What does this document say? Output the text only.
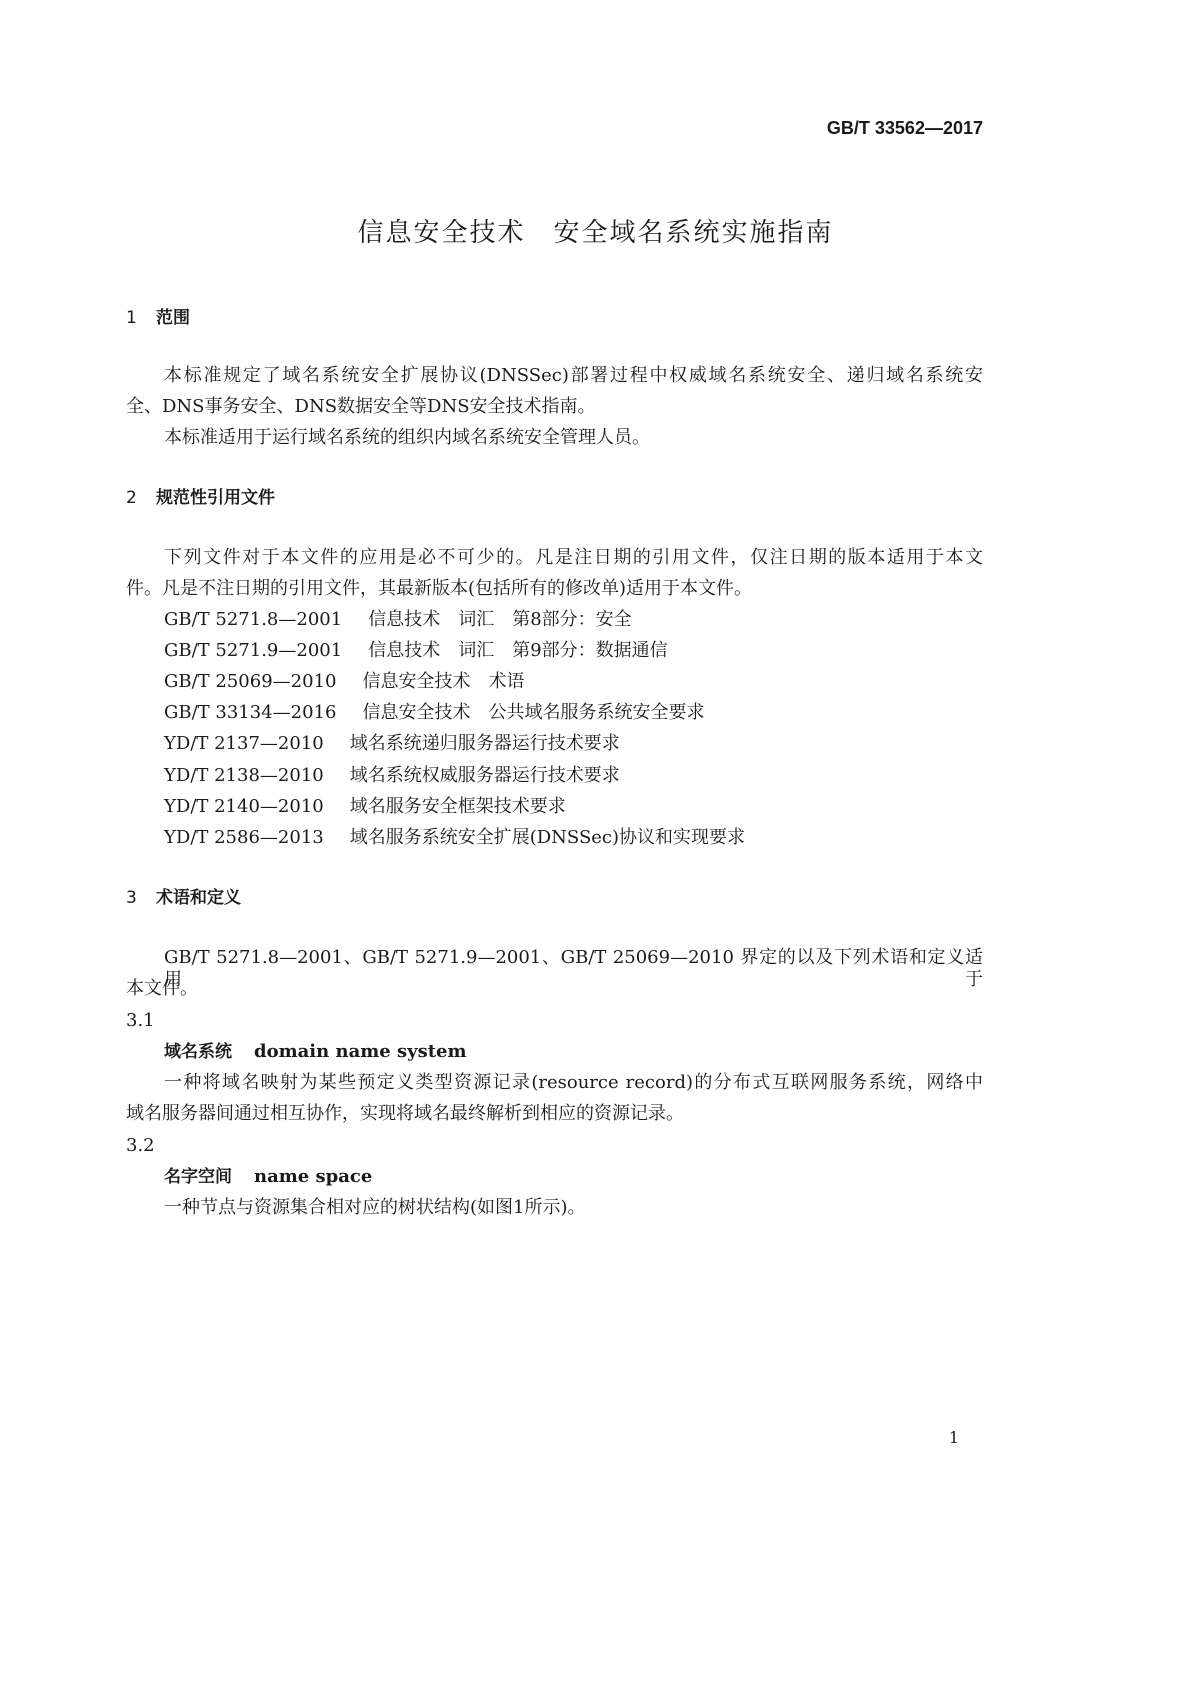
GB/T 33562—2017
信息安全技术　安全域名系统实施指南
1 范围
本标准规定了域名系统安全扩展协议(DNSSec)部署过程中权威域名系统安全、递归域名系统安
全、DNS事务安全、DNS数据安全等DNS安全技术指南。
本标准适用于运行域名系统的组织内域名系统安全管理人员。
2 规范性引用文件
下列文件对于本文件的应用是必不可少的。凡是注日期的引用文件，仅注日期的版本适用于本文
件。凡是不注日期的引用文件，其最新版本(包括所有的修改单)适用于本文件。
GB/T 5271.8—2001 信息技术　词汇　第8部分：安全
GB/T 5271.9—2001 信息技术　词汇　第9部分：数据通信
GB/T 25069—2010 信息安全技术　术语
GB/T 33134—2016 信息安全技术　公共域名服务系统安全要求
YD/T 2137—2010 域名系统递归服务器运行技术要求
YD/T 2138—2010 域名系统权威服务器运行技术要求
YD/T 2140—2010 域名服务安全框架技术要求
YD/T 2586—2013 域名服务系统安全扩展(DNSSec)协议和实现要求
3 术语和定义
GB/T 5271.8—2001、GB/T 5271.9—2001、GB/T 25069—2010 界定的以及下列术语和定义适用于
本文件。
3.1
域名系统 domain name system
一种将域名映射为某些预定义类型资源记录(resource record)的分布式互联网服务系统，网络中
域名服务器间通过相互协作，实现将域名最终解析到相应的资源记录。
3.2
名字空间 name space
一种节点与资源集合相对应的树状结构(如图1所示)。
1
